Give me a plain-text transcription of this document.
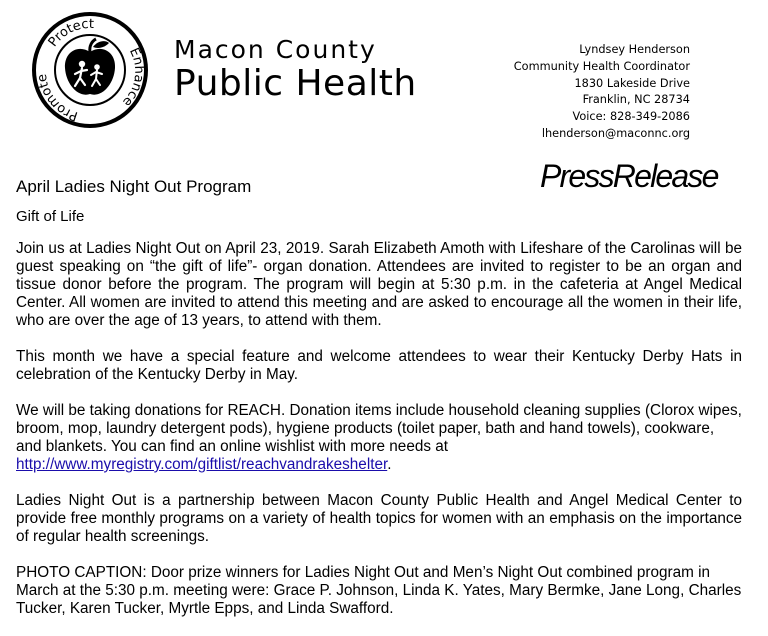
Protect
Enhance
Promote
Macon County
Public Health
Lyndsey Henderson
Community Health Coordinator
1830 Lakeside Drive
Franklin, NC 28734
Voice: 828-349-2086
lhenderson@maconnc.org
PressRelease
April Ladies Night Out Program
Gift of Life

Join us at Ladies Night Out on April 23, 2019. Sarah Elizabeth Amoth with Lifeshare of the Carolinas will be guest speaking on “the gift of life”- organ donation. Attendees are invited to register to be an organ and tissue donor before the program. The program will begin at 5:30 p.m. in the cafeteria at Angel Medical Center. All women are invited to attend this meeting and are asked to encourage all the women in their life, who are over the age of 13 years, to attend with them.

This month we have a special feature and welcome attendees to wear their Kentucky Derby Hats in celebration of the Kentucky Derby in May.

We will be taking donations for REACH. Donation items include household cleaning supplies (Clorox wipes, broom, mop, laundry detergent pods), hygiene products (toilet paper, bath and hand towels), cookware, and blankets. You can find an online wishlist with more needs at http://www.myregistry.com/giftlist/reachvandrakeshelter.

Ladies Night Out is a partnership between Macon County Public Health and Angel Medical Center to provide free monthly programs on a variety of health topics for women with an emphasis on the importance of regular health screenings.

PHOTO CAPTION: Door prize winners for Ladies Night Out and Men’s Night Out combined program in March at the 5:30 p.m. meeting were: Grace P. Johnson, Linda K. Yates, Mary Bermke, Jane Long, Charles Tucker, Karen Tucker, Myrtle Epps, and Linda Swafford.
